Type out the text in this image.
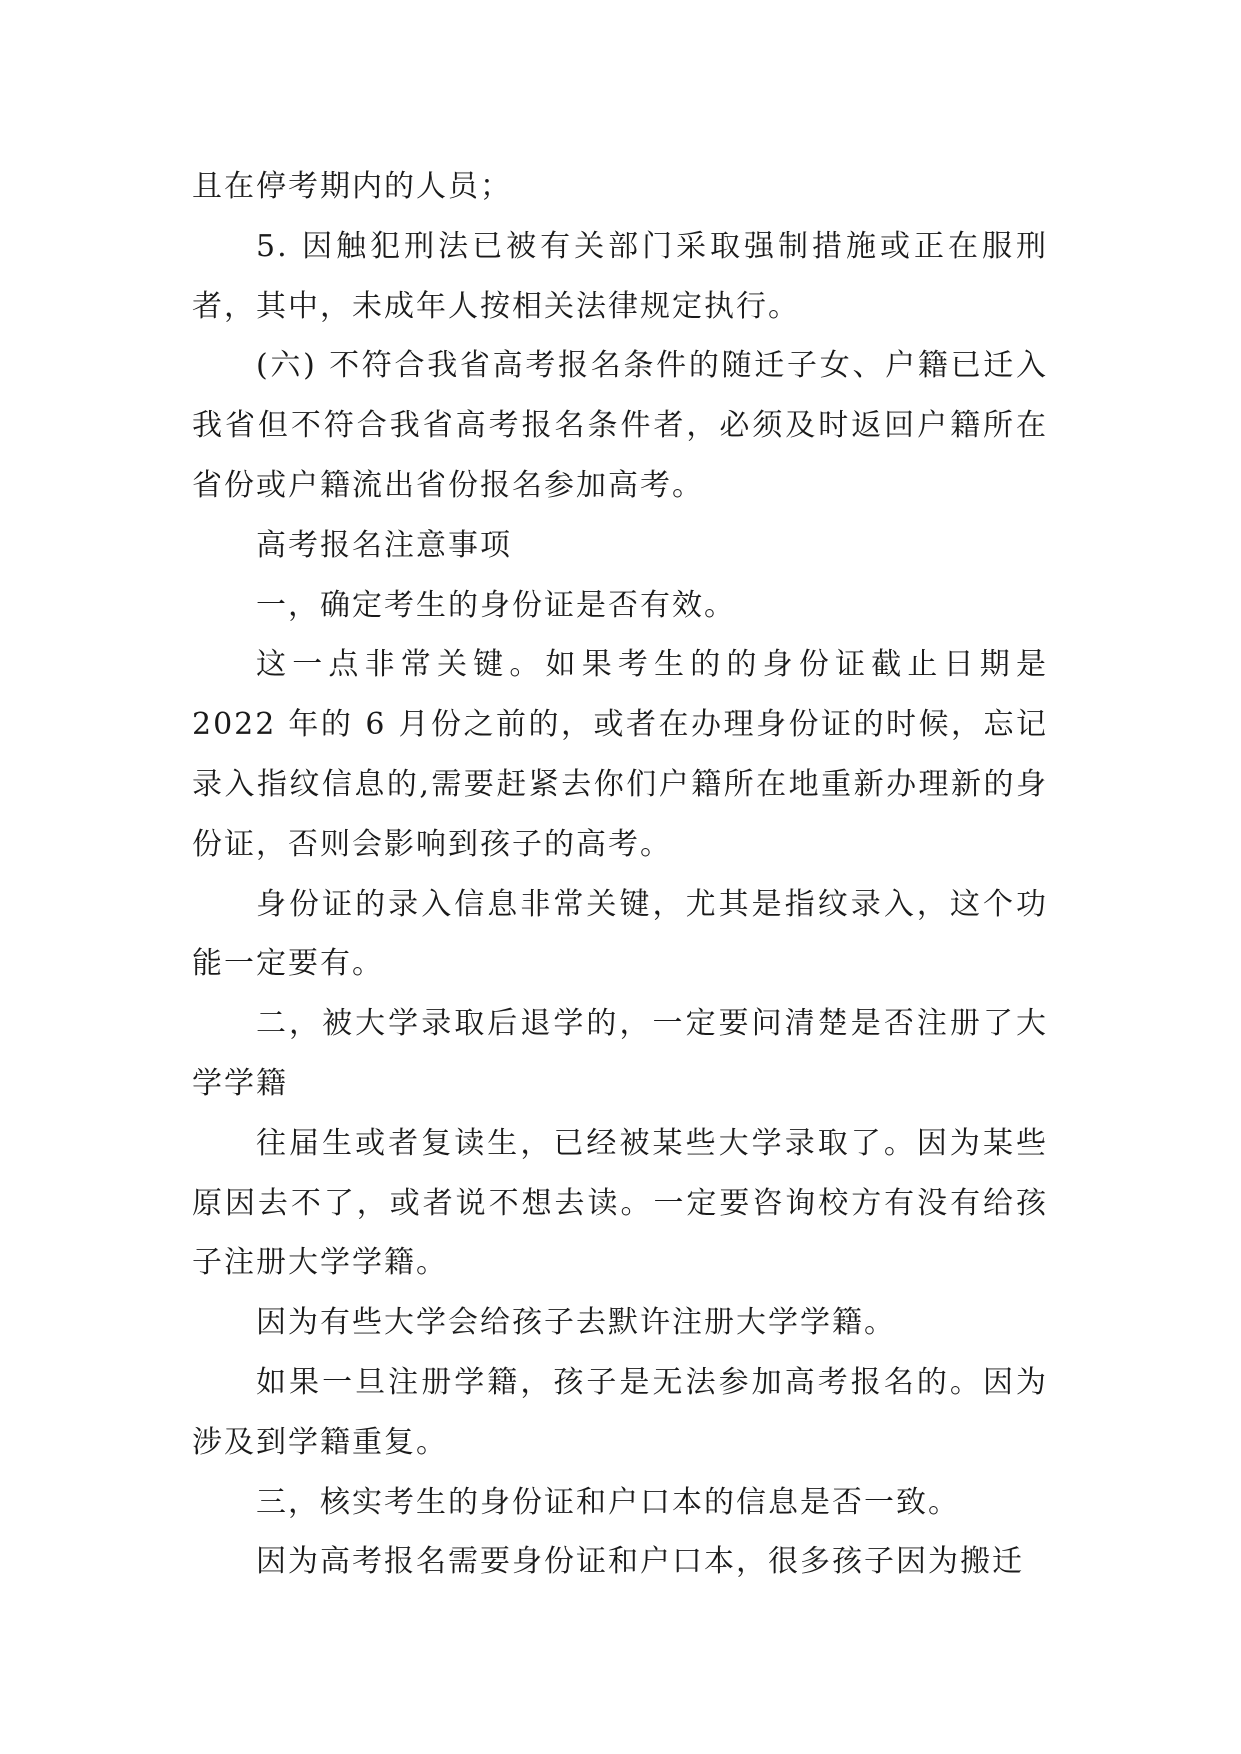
且在停考期内的人员；

5. 因触犯刑法已被有关部门采取强制措施或正在服刑者，其中，未成年人按相关法律规定执行。

(六) 不符合我省高考报名条件的随迁子女、户籍已迁入我省但不符合我省高考报名条件者，必须及时返回户籍所在省份或户籍流出省份报名参加高考。

高考报名注意事项

一，确定考生的身份证是否有效。

这一点非常关键。如果考生的的身份证截止日期是 2022 年的 6 月份之前的，或者在办理身份证的时候，忘记录入指纹信息的,需要赶紧去你们户籍所在地重新办理新的身份证，否则会影响到孩子的高考。

身份证的录入信息非常关键，尤其是指纹录入，这个功能一定要有。

二，被大学录取后退学的，一定要问清楚是否注册了大学学籍

往届生或者复读生，已经被某些大学录取了。因为某些原因去不了，或者说不想去读。一定要咨询校方有没有给孩子注册大学学籍。

因为有些大学会给孩子去默许注册大学学籍。

如果一旦注册学籍，孩子是无法参加高考报名的。因为涉及到学籍重复。

三，核实考生的身份证和户口本的信息是否一致。

因为高考报名需要身份证和户口本，很多孩子因为搬迁
